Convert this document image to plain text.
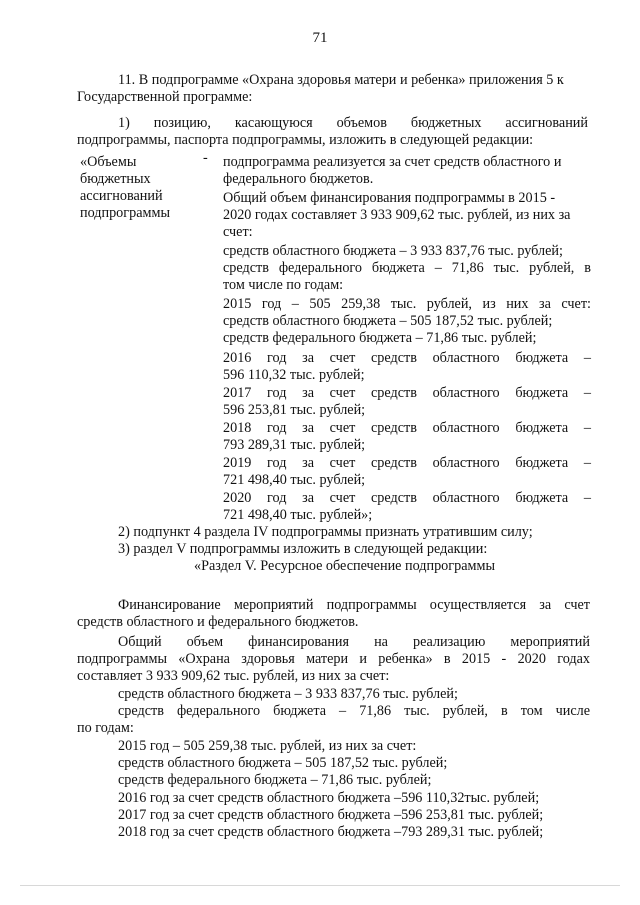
71
11. В подпрограмме «Охрана здоровья матери и ребенка» приложения 5 к
Государственной программе:
1) позицию, касающуюся объемов бюджетных ассигнований
подпрограммы, паспорта подпрограммы, изложить в следующей редакции:
«Объемы
бюджетных
ассигнований
подпрограммы
- подпрограмма реализуется за счет средств областного и
федерального бюджетов.
Общий объем финансирования подпрограммы в 2015 -
2020 годах составляет 3 933 909,62 тыс. рублей, из них за
счет:
средств областного бюджета – 3 933 837,76 тыс. рублей;
средств федерального бюджета – 71,86 тыс. рублей, в
том числе по годам:
2015 год – 505 259,38 тыс. рублей, из них за счет:
средств областного бюджета – 505 187,52 тыс. рублей;
средств федерального бюджета – 71,86 тыс. рублей;
2016 год за счет средств областного бюджета –
596 110,32 тыс. рублей;
2017 год за счет средств областного бюджета –
596 253,81 тыс. рублей;
2018 год за счет средств областного бюджета –
793 289,31 тыс. рублей;
2019 год за счет средств областного бюджета –
721 498,40 тыс. рублей;
2020 год за счет средств областного бюджета –
721 498,40 тыс. рублей»;
2) подпункт 4 раздела IV подпрограммы признать утратившим силу;
3) раздел V подпрограммы изложить в следующей редакции:
«Раздел V. Ресурсное обеспечение подпрограммы
Финансирование мероприятий подпрограммы осуществляется за счет
средств областного и федерального бюджетов.
Общий объем финансирования на реализацию мероприятий
подпрограммы «Охрана здоровья матери и ребенка» в 2015 - 2020 годах
составляет 3 933 909,62 тыс. рублей, из них за счет:
средств областного бюджета – 3 933 837,76 тыс. рублей;
средств федерального бюджета – 71,86 тыс. рублей, в том числе
по годам:
2015 год – 505 259,38 тыс. рублей, из них за счет:
средств областного бюджета – 505 187,52 тыс. рублей;
средств федерального бюджета – 71,86 тыс. рублей;
2016 год за счет средств областного бюджета –596 110,32тыс. рублей;
2017 год за счет средств областного бюджета –596 253,81 тыс. рублей;
2018 год за счет средств областного бюджета –793 289,31 тыс. рублей;
